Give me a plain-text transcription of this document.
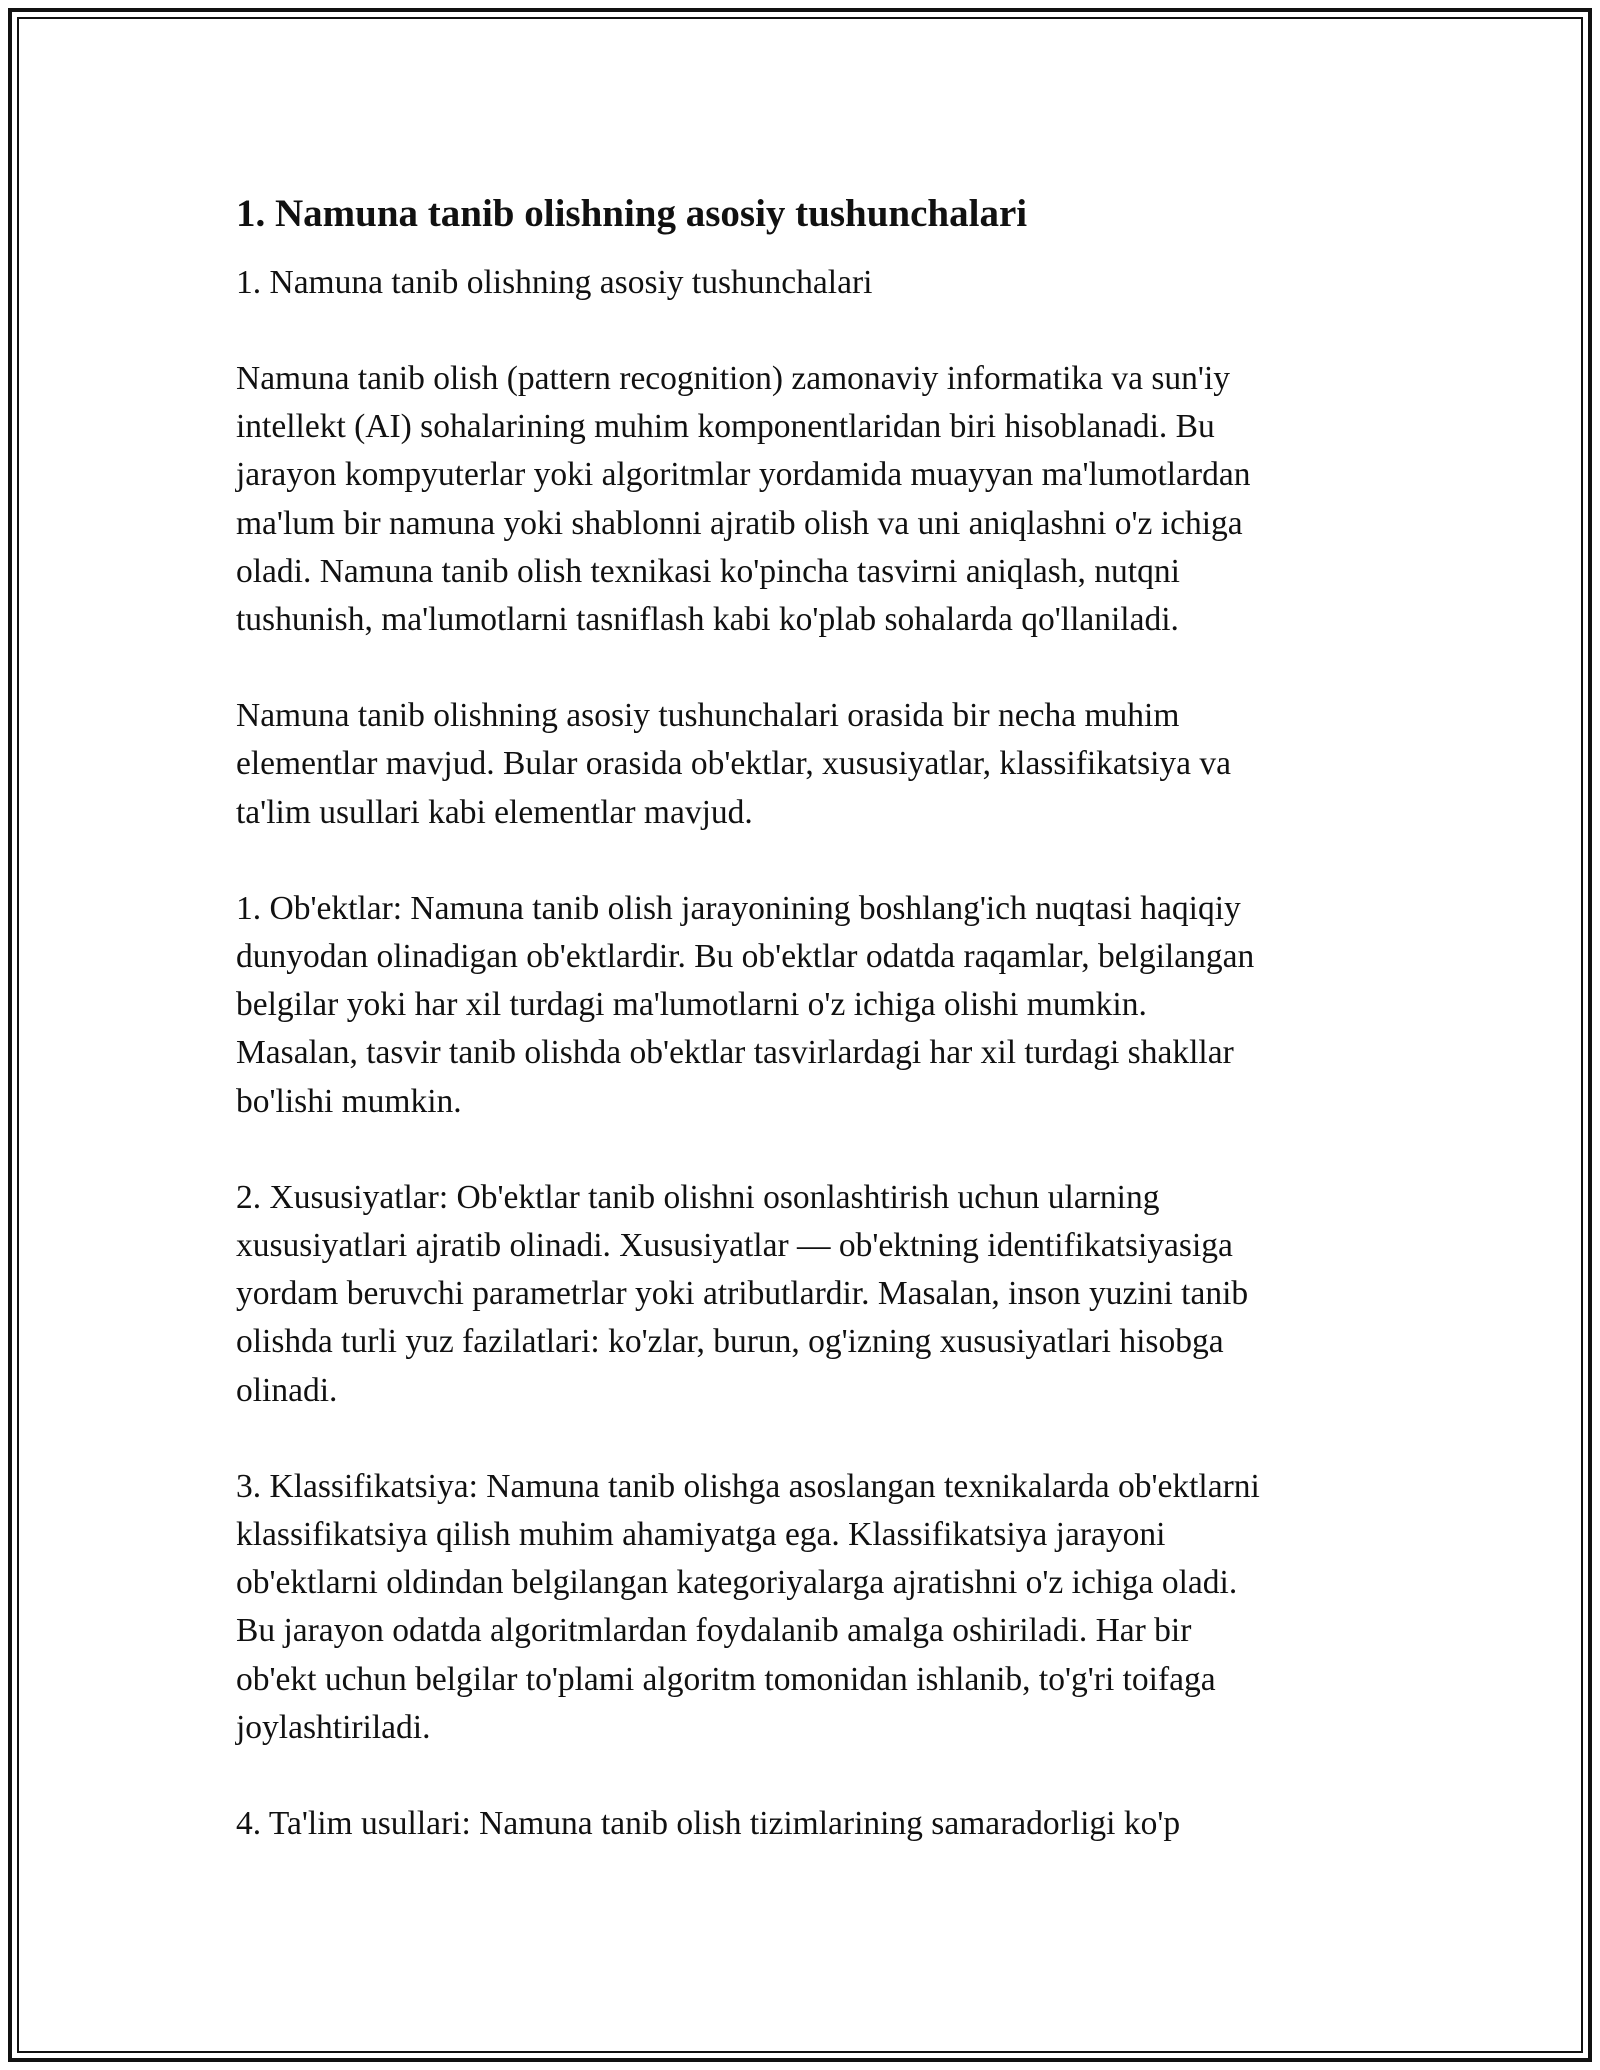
1. Namuna tanib olishning asosiy tushunchalari

1. Namuna tanib olishning asosiy tushunchalari

Namuna tanib olish (pattern recognition) zamonaviy informatika va sun'iy
intellekt (AI) sohalarining muhim komponentlaridan biri hisoblanadi. Bu
jarayon kompyuterlar yoki algoritmlar yordamida muayyan ma'lumotlardan
ma'lum bir namuna yoki shablonni ajratib olish va uni aniqlashni o'z ichiga
oladi. Namuna tanib olish texnikasi ko'pincha tasvirni aniqlash, nutqni
tushunish, ma'lumotlarni tasniflash kabi ko'plab sohalarda qo'llaniladi.

Namuna tanib olishning asosiy tushunchalari orasida bir necha muhim
elementlar mavjud. Bular orasida ob'ektlar, xususiyatlar, klassifikatsiya va
ta'lim usullari kabi elementlar mavjud.

1. Ob'ektlar: Namuna tanib olish jarayonining boshlang'ich nuqtasi haqiqiy
dunyodan olinadigan ob'ektlardir. Bu ob'ektlar odatda raqamlar, belgilangan
belgilar yoki har xil turdagi ma'lumotlarni o'z ichiga olishi mumkin.
Masalan, tasvir tanib olishda ob'ektlar tasvirlardagi har xil turdagi shakllar
bo'lishi mumkin.

2. Xususiyatlar: Ob'ektlar tanib olishni osonlashtirish uchun ularning
xususiyatlari ajratib olinadi. Xususiyatlar — ob'ektning identifikatsiyasiga
yordam beruvchi parametrlar yoki atributlardir. Masalan, inson yuzini tanib
olishda turli yuz fazilatlari: ko'zlar, burun, og'izning xususiyatlari hisobga
olinadi.

3. Klassifikatsiya: Namuna tanib olishga asoslangan texnikalarda ob'ektlarni
klassifikatsiya qilish muhim ahamiyatga ega. Klassifikatsiya jarayoni
ob'ektlarni oldindan belgilangan kategoriyalarga ajratishni o'z ichiga oladi.
Bu jarayon odatda algoritmlardan foydalanib amalga oshiriladi. Har bir
ob'ekt uchun belgilar to'plami algoritm tomonidan ishlanib, to'g'ri toifaga
joylashtiriladi.

4. Ta'lim usullari: Namuna tanib olish tizimlarining samaradorligi ko'p
